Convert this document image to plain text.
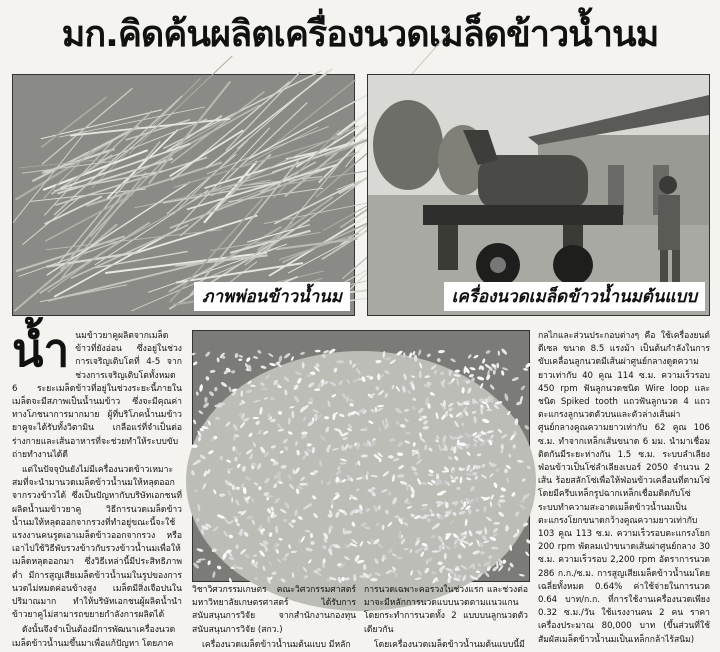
มก.คิดค้นผลิตเครื่องนวดเมล็ดข้าวน้ำนม
ภาพพ่อนข้าวน้ำนม	เครื่องนวดเมล็ดข้าวน้ำนมต้นแบบ
น้ำ นมข้าวยาคูผลิตจากเมล็ดข้าวที่ยังอ่อน ซึ่งอยู่ในช่วงการเจริญเติบโตที่ 4-5 จากช่วงการเจริญเติบโตทั้งหมด 6 ระยะเมล็ดข้าวที่อยู่ในช่วงระยะนี้ภายใน เมล็ดจะมีสภาพเป็นน้ำนมข้าว ซึ่งจะมีคุณค่าทางโภชนาการมากมาย ผู้ที่บริโภคน้ำนมข้าวยาคูจะได้รับทั้งวิตามิน เกลือแร่ที่จำเป็นต่อร่างกายและเส้นอาหารที่จะช่วยทำให้ระบบขับถ่ายทำงานได้ดี

แต่ในปัจจุบันยังไม่มีเครื่องนวดข้าวเหมาะสมที่จะนำมานวดเมล็ดข้าวน้ำนมให้หลุดออกจากรวงข้าวได้ ซึ่งเป็นปัญหากับบริษัทเอกชนที่ผลิตน้ำนมข้าวยาคู วิธีการนวดเมล็ดข้าวน้ำนมให้หลุดออกจากรวงที่ทำอยู่ขณะนี้จะใช้แรงงานคนรูดเอาเมล็ดข้าวออกจากรวง หรือเอาไปใช้วิธีพับรวงข้าวกับรวงข้าวน้ำนมเพื่อให้เมล็ดหลุดออกมา ซึ่งวิธีเหล่านี้มีประสิทธิภาพต่ำ มีการสูญเสียเมล็ดข้าวน้ำนมในรูปของการนวดไม่หมดค่อนข้างสูง เมล็ดมีสิ่งเจือปนในปริมาณมาก ทำให้บริษัทเอกชนผู้ผลิตน้ำนำข้าวยาคูไม่สามารถขยายกำลังการผลิตได้

ดังนั้นจึงจำเป็นต้องมีการพัฒนาเครื่องนวดเมล็ดข้าวน้ำนมขึ้นมาเพื่อแก้ปัญหา โดยภาค

วิชาวิศวกรรมเกษตร คณะวิศวกรรมศาสตร์ มหาวิทยาลัยเกษตรศาสตร์ ได้รับการสนับสนุนการวิจัย จากสำนักงานกองทุนสนับสนุนการวิจัย (สกว.)

เครื่องนวดเมล็ดข้าวน้ำนมต้นแบบ มีหลัก

การนวดเฉพาะคอรวงในช่วงแรก และช่วงต่อมาจะมีหลักการนวดแบบนวดตามแนวแกน โดยกระทำการนวดทั้ง 2 แบบบนลูกนวดตัวเดียวกัน

โดยเครื่องนวดเมล็ดข้าวน้ำนมต้นแบบนี้มี

กลไกและส่วนประกอบต่างๆ คือ ใช้เครื่องยนต์ดีเซล ขนาด 8.5 แรงม้า เป็นต้นกำลังในการขับเคลื่อนลูกนวดมีเส้นผ่าศูนย์กลางดูดความยาวเท่ากับ 40 คูณ 114 ซ.ม. ความเร็วรอบ 450 rpm ฟันลูกนวดชนิด Wire loop และชนิด Spiked tooth แถวฟันลูกนวด 4 แถว ตะแกรงลูกนวดตัวบนและตัวล่างเส้นผ่าศูนย์กลางคูณความยาวเท่ากับ 62 คูณ 106 ซ.ม. ทำจากเหล็กเส้นขนาด 6 มม. นำมาเชื่อมติดกันมีระยะห่างกัน 1.5 ซ.ม. ระบบลำเลียงฟ่อนข้าวเป็นโซ่ลำเลียงเบอร์ 2050 จำนวน 2 เส้น ร้อยสลักโซ่เพื่อให้ฟ่อนข้าวเคลื่อนที่ตามโซ่ โดยมีครีบเหล็กรูปฉากเหล็กเชื่อมติดกับโซ่ ระบบทำความสะอาดเมล็ดข้าวน้ำนมเป็นตะแกรงโยกขนาดกว้างคูณความยาวเท่ากับ 103 คูณ 113 ซ.ม. ความเร็วรอบตะแกรงโยก 200 rpm พัดลมเป่าขนาดเส้นผ่าศูนย์กลาง 30 ซ.ม. ความเร็วรอบ 2,200 rpm อัตราการนวด 286 ก.ก./ซ.ม. การสูญเสียเมล็ดข้าวน้ำนมโดยเฉลี่ยทั้งหมด 0.64% ค่าใช้จ่ายในการนวด 0.64 บาท/ก.ก. ที่การใช้งานเครื่องนวดเพียง 0.32 ซ.ม./วัน ใช้แรงงานคน 2 คน ราคาเครื่องประมาณ 80,000 บาท (ขึ้นส่วนที่ใช้สัมผัสเมล็ดข้าวน้ำนมเป็นเหล็กกล้าไร้สนิม)
